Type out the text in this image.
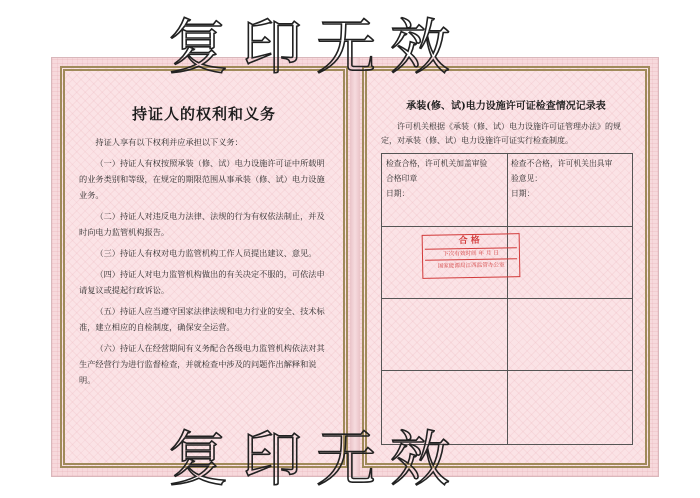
持证人的权利和义务

持证人享有以下权利并应承担以下义务：

（一）持证人有权按照承装（修、试）电力设施许可证中所载明的业务类别和等级，在规定的期限范围从事承装（修、试）电力设施业务。

（二）持证人对违反电力法律、法规的行为有权依法制止，并及时向电力监管机构报告。

（三）持证人有权对电力监管机构工作人员提出建议、意见。

（四）持证人对电力监管机构做出的有关决定不服的，可依法申请复议或提起行政诉讼。

（五）持证人应当遵守国家法律法规和电力行业的安全、技术标准，建立相应的自检制度，确保安全运营。

（六）持证人在经营期间有义务配合各级电力监管机构依法对其生产经营行为进行监督检查，并就检查中涉及的问题作出解释和说明。

承装(修、试)电力设施许可证检查情况记录表

许可机关根据《承装（修、试）电力设施许可证管理办法》的规定，对承装（修、试）电力设施许可证实行检查制度。

检查合格，许可机关加盖审验
合格印章
日期：
检查不合格，许可机关出具审
验意见：
日期：
合格
下次有效时间 年 月 日
国家能源局江西监管办公室
复印无效
复印无效
